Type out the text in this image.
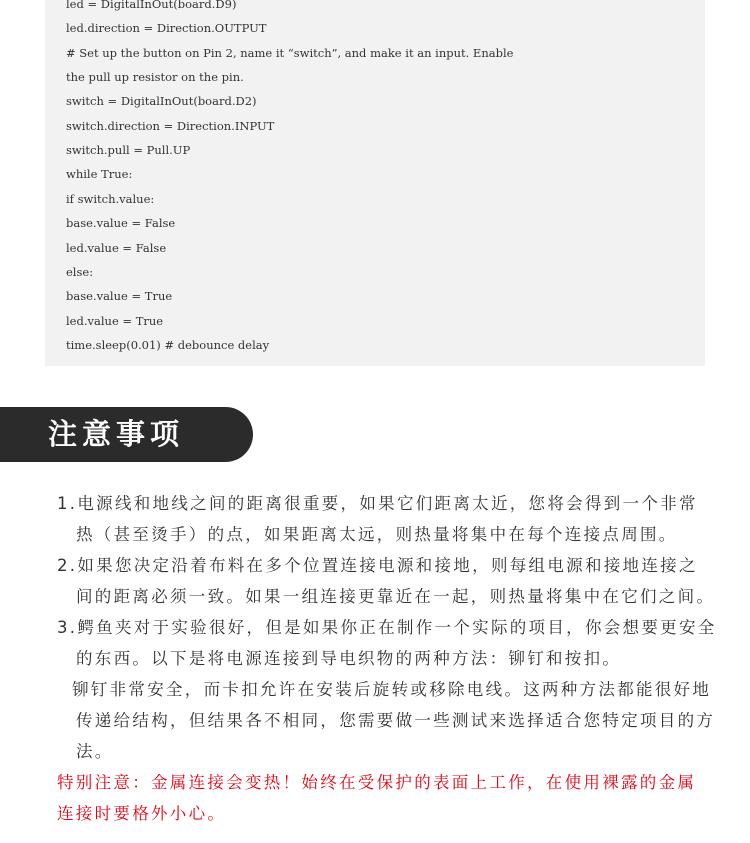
led = DigitalInOut(board.D9)

led.direction = Direction.OUTPUT

# Set up the button on Pin 2, name it “switch”, and make it an input. Enable

the pull up resistor on the pin.

switch = DigitalInOut(board.D2)

switch.direction = Direction.INPUT

switch.pull = Pull.UP

while True:

if switch.value:

base.value = False

led.value = False

else:

base.value = True

led.value = True

time.sleep(0.01) # debounce delay

注意事项

1.电源线和地线之间的距离很重要，如果它们距离太近，您将会得到一个非常

热（甚至烫手）的点，如果距离太远，则热量将集中在每个连接点周围。

2.如果您决定沿着布料在多个位置连接电源和接地，则每组电源和接地连接之

间的距离必须一致。如果一组连接更靠近在一起，则热量将集中在它们之间。

3.鳄鱼夹对于实验很好，但是如果你正在制作一个实际的项目，你会想要更安全

的东西。以下是将电源连接到导电织物的两种方法：铆钉和按扣。

铆钉非常安全，而卡扣允许在安装后旋转或移除电线。这两种方法都能很好地

传递给结构，但结果各不相同，您需要做一些测试来选择适合您特定项目的方

法。

特别注意：金属连接会变热！始终在受保护的表面上工作，在使用裸露的金属

连接时要格外小心。
